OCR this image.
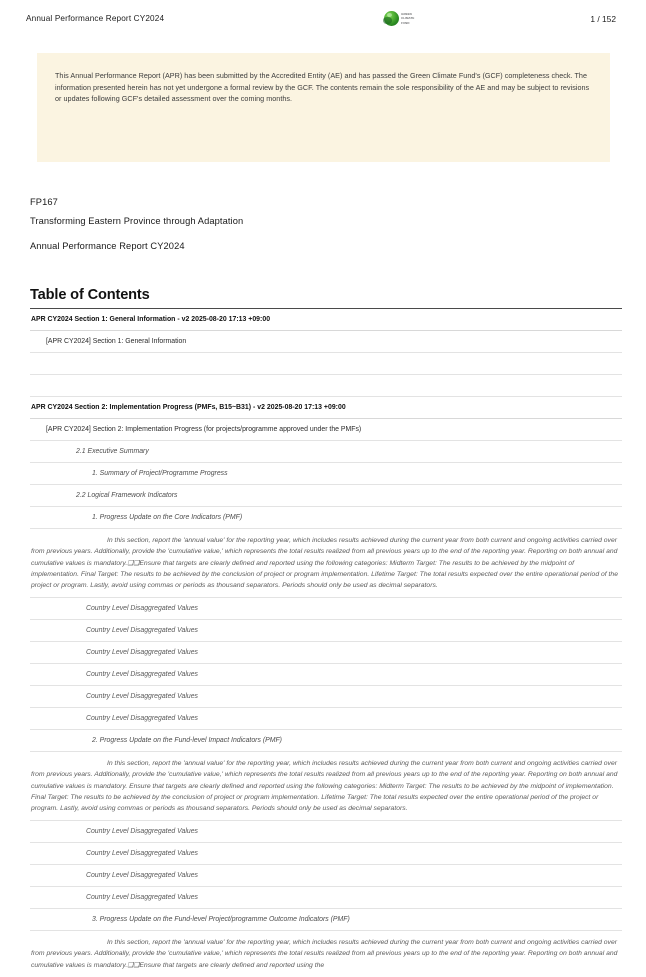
Annual Performance Report CY2024	GREEN
CLIMATE
FUND	1 / 152

This Annual Performance Report (APR) has been submitted by the Accredited Entity (AE) and has passed the Green Climate Fund's (GCF) completeness check. The information presented herein has not yet undergone a formal review by the GCF. The contents remain the sole responsibility of the AE and may be subject to revisions or updates following GCF's detailed assessment over the coming months.

FP167
Transforming Eastern Province through Adaptation
Annual Performance Report CY2024
Table of Contents
APR CY2024 Section 1: General Information - v2 2025-08-20 17:13 +09:00
[APR CY2024] Section 1: General Information
APR CY2024 Section 2: Implementation Progress (PMFs, B15~B31) - v2 2025-08-20 17:13 +09:00
[APR CY2024] Section 2: Implementation Progress (for projects/programme approved under the PMFs)
2.1 Executive Summary
1. Summary of Project/Programme Progress
2.2 Logical Framework Indicators
1. Progress Update on the Core Indicators (PMF)
In this section, report the 'annual value' for the reporting year, which includes results achieved during the current year from both current and ongoing activities carried over from previous years. Additionally, provide the 'cumulative value,' which represents the total results realized from all previous years up to the end of the reporting year. Reporting on both annual and cumulative values is mandatory.❑❑Ensure that targets are clearly defined and reported using the following categories: Midterm Target: The results to be achieved by the midpoint of implementation. Final Target: The results to be achieved by the conclusion of project or program implementation. Lifetime Target: The total results expected over the entire operational period of the project or program. Lastly, avoid using commas or periods as thousand separators. Periods should only be used as decimal separators.
Country Level Disaggregated Values
Country Level Disaggregated Values
Country Level Disaggregated Values
Country Level Disaggregated Values
Country Level Disaggregated Values
Country Level Disaggregated Values
2. Progress Update on the Fund-level Impact Indicators (PMF)
In this section, report the 'annual value' for the reporting year, which includes results achieved during the current year from both current and ongoing activities carried over from previous years. Additionally, provide the 'cumulative value,' which represents the total results realized from all previous years up to the end of the reporting year. Reporting on both annual and cumulative values is mandatory. Ensure that targets are clearly defined and reported using the following categories: Midterm Target: The results to be achieved by the midpoint of implementation. Final Target: The results to be achieved by the conclusion of project or program implementation. Lifetime Target: The total results expected over the entire operational period of the project or program. Lastly, avoid using commas or periods as thousand separators. Periods should only be used as decimal separators.
Country Level Disaggregated Values
Country Level Disaggregated Values
Country Level Disaggregated Values
Country Level Disaggregated Values
3. Progress Update on the Fund-level Project/programme Outcome Indicators (PMF)
In this section, report the 'annual value' for the reporting year, which includes results achieved during the current year from both current and ongoing activities carried over from previous years. Additionally, provide the 'cumulative value,' which represents the total results realized from all previous years up to the end of the reporting year. Reporting on both annual and cumulative values is mandatory.❑❑Ensure that targets are clearly defined and reported using the
